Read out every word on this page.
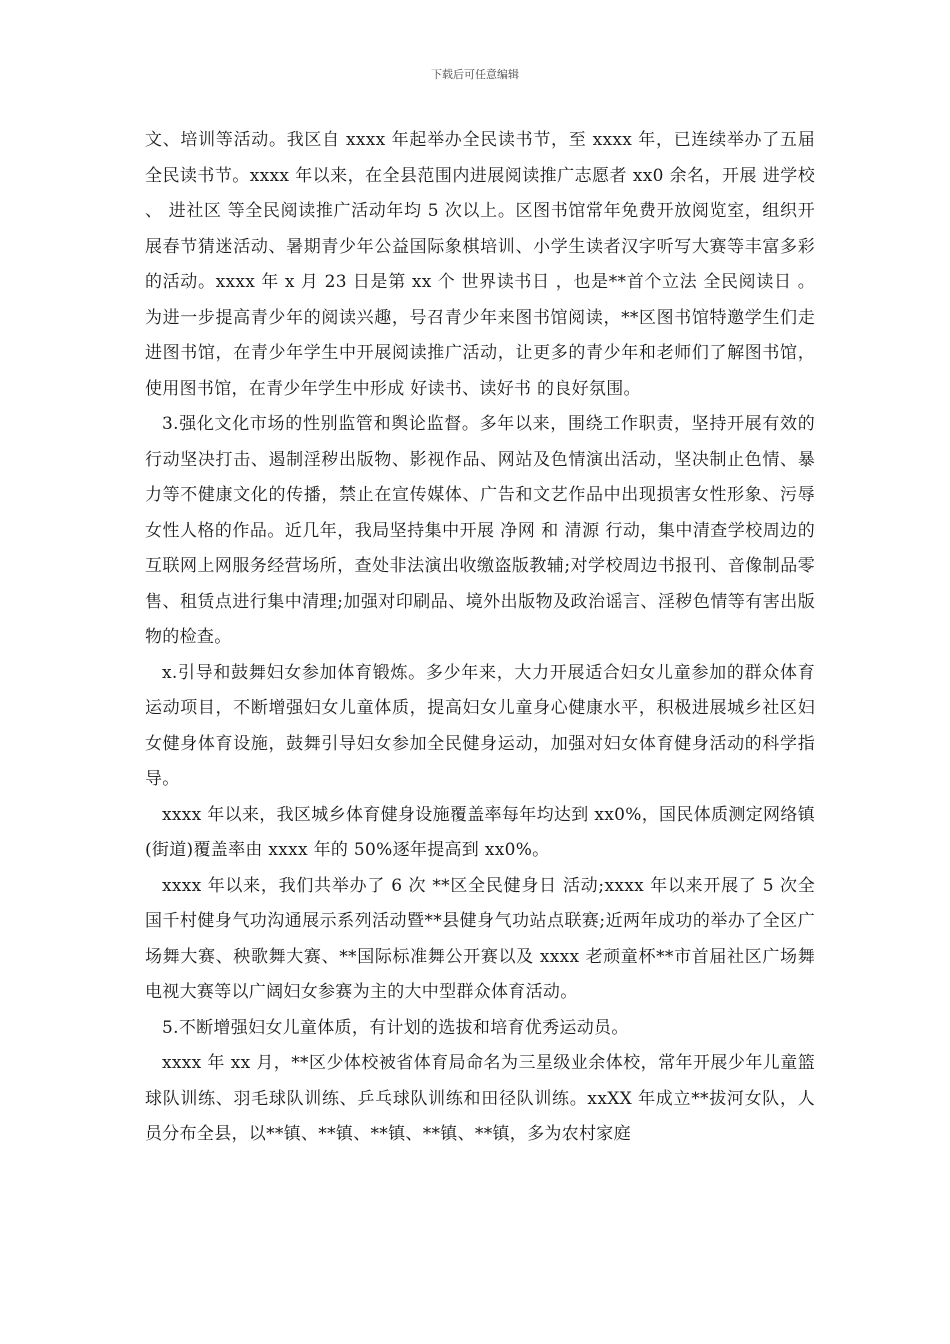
下载后可任意编辑

文、培训等活动。我区自 xxxx 年起举办全民读书节，至 xxxx 年，已连续举办了五届全民读书节。xxxx 年以来，在全县范围内进展阅读推广志愿者 xx0 余名，开展 进学校 、 进社区 等全民阅读推广活动年均 5 次以上。区图书馆常年免费开放阅览室，组织开展春节猜迷活动、暑期青少年公益国际象棋培训、小学生读者汉字听写大赛等丰富多彩的活动。xxxx 年 x 月 23 日是第 xx 个 世界读书日 ，也是**首个立法 全民阅读日 。为进一步提高青少年的阅读兴趣，号召青少年来图书馆阅读，**区图书馆特邀学生们走进图书馆，在青少年学生中开展阅读推广活动，让更多的青少年和老师们了解图书馆，使用图书馆，在青少年学生中形成 好读书、读好书 的良好氛围。

3.强化文化市场的性别监管和舆论监督。多年以来，围绕工作职责，坚持开展有效的行动坚决打击、遏制淫秽出版物、影视作品、网站及色情演出活动，坚决制止色情、暴力等不健康文化的传播，禁止在宣传媒体、广告和文艺作品中出现损害女性形象、污辱女性人格的作品。近几年，我局坚持集中开展 净网 和 清源 行动，集中清查学校周边的互联网上网服务经营场所，查处非法演出收缴盗版教辅;对学校周边书报刊、音像制品零售、租赁点进行集中清理;加强对印刷品、境外出版物及政治谣言、淫秽色情等有害出版物的检查。

x.引导和鼓舞妇女参加体育锻炼。多少年来，大力开展适合妇女儿童参加的群众体育运动项目，不断增强妇女儿童体质，提高妇女儿童身心健康水平，积极进展城乡社区妇女健身体育设施，鼓舞引导妇女参加全民健身运动，加强对妇女体育健身活动的科学指导。

xxxx 年以来，我区城乡体育健身设施覆盖率每年均达到 xx0%，国民体质测定网络镇(街道)覆盖率由 xxxx 年的 50%逐年提高到 xx0%。

xxxx 年以来，我们共举办了 6 次 **区全民健身日 活动;xxxx 年以来开展了 5 次全国千村健身气功沟通展示系列活动暨**县健身气功站点联赛;近两年成功的举办了全区广场舞大赛、秧歌舞大赛、**国际标准舞公开赛以及 xxxx 老顽童杯**市首届社区广场舞电视大赛等以广阔妇女参赛为主的大中型群众体育活动。

5.不断增强妇女儿童体质，有计划的选拔和培育优秀运动员。

xxxx 年 xx 月，**区少体校被省体育局命名为三星级业余体校，常年开展少年儿童篮球队训练、羽毛球队训练、乒乓球队训练和田径队训练。xxXX 年成立**拔河女队，人员分布全县，以**镇、**镇、**镇、**镇、**镇，多为农村家庭
